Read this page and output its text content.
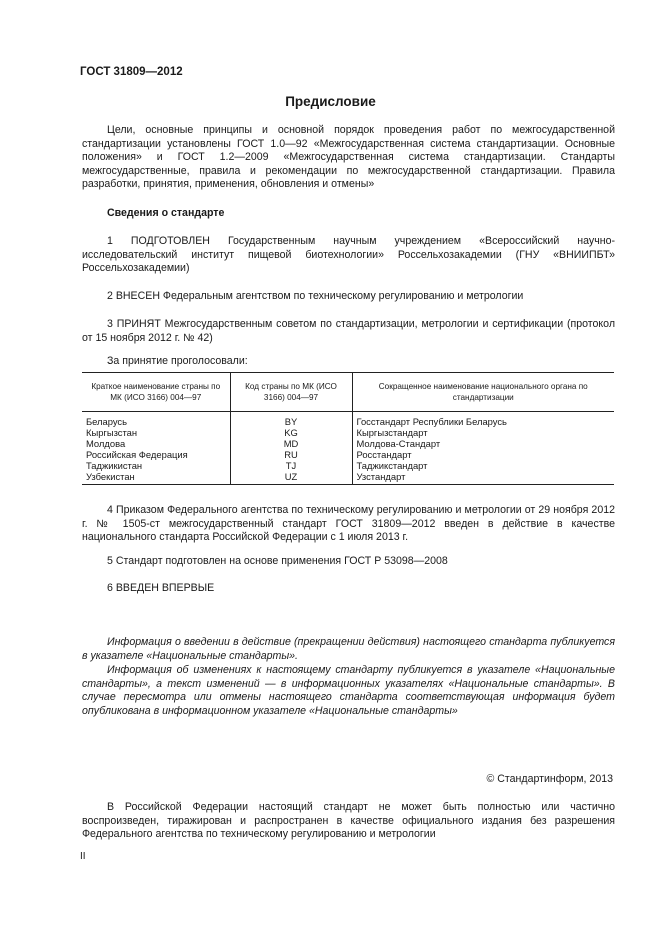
ГОСТ 31809—2012
Предисловие

Цели, основные принципы и основной порядок проведения работ по межгосударственной стандартизации установлены ГОСТ 1.0—92 «Межгосударственная система стандартизации. Основные положения» и ГОСТ 1.2—2009 «Межгосударственная система стандартизации. Стандарты межгосударственные, правила и рекомендации по межгосударственной стандартизации. Правила разработки, принятия, применения, обновления и отмены»

Сведения о стандарте

1 ПОДГОТОВЛЕН Государственным научным учреждением «Всероссийский научно-исследовательский институт пищевой биотехнологии» Россельхозакадемии (ГНУ «ВНИИПБТ» Россельхозакадемии)

2 ВНЕСЕН Федеральным агентством по техническому регулированию и метрологии

3 ПРИНЯТ Межгосударственным советом по стандартизации, метрологии и сертификации (протокол от 15 ноября 2012 г. № 42)

За принятие проголосовали:

Краткое наименование страны по МК (ИСО 3166) 004—97	Код страны по МК (ИСО 3166) 004—97	Сокращенное наименование национального органа по стандартизации
Беларусь	BY	Госстандарт Республики Беларусь
Кыргызстан	KG	Кыргызстандарт
Молдова	MD	Молдова-Стандарт
Российская Федерация	RU	Росстандарт
Таджикистан	TJ	Таджикстандарт
Узбекистан	UZ	Узстандарт

4 Приказом Федерального агентства по техническому регулированию и метрологии от 29 ноября 2012 г. № 1505-ст межгосударственный стандарт ГОСТ 31809—2012 введен в действие в качестве национального стандарта Российской Федерации с 1 июля 2013 г.

5 Стандарт подготовлен на основе применения ГОСТ Р 53098—2008

6 ВВЕДЕН ВПЕРВЫЕ

Информация о введении в действие (прекращении действия) настоящего стандарта публикуется в указателе «Национальные стандарты».

Информация об изменениях к настоящему стандарту публикуется в указателе «Национальные стандарты», а текст изменений — в информационных указателях «Национальные стандарты». В случае пересмотра или отмены настоящего стандарта соответствующая информация будет опубликована в информационном указателе «Национальные стандарты»

© Стандартинформ, 2013

В Российской Федерации настоящий стандарт не может быть полностью или частично воспроизведен, тиражирован и распространен в качестве официального издания без разрешения Федерального агентства по техническому регулированию и метрологии

II
